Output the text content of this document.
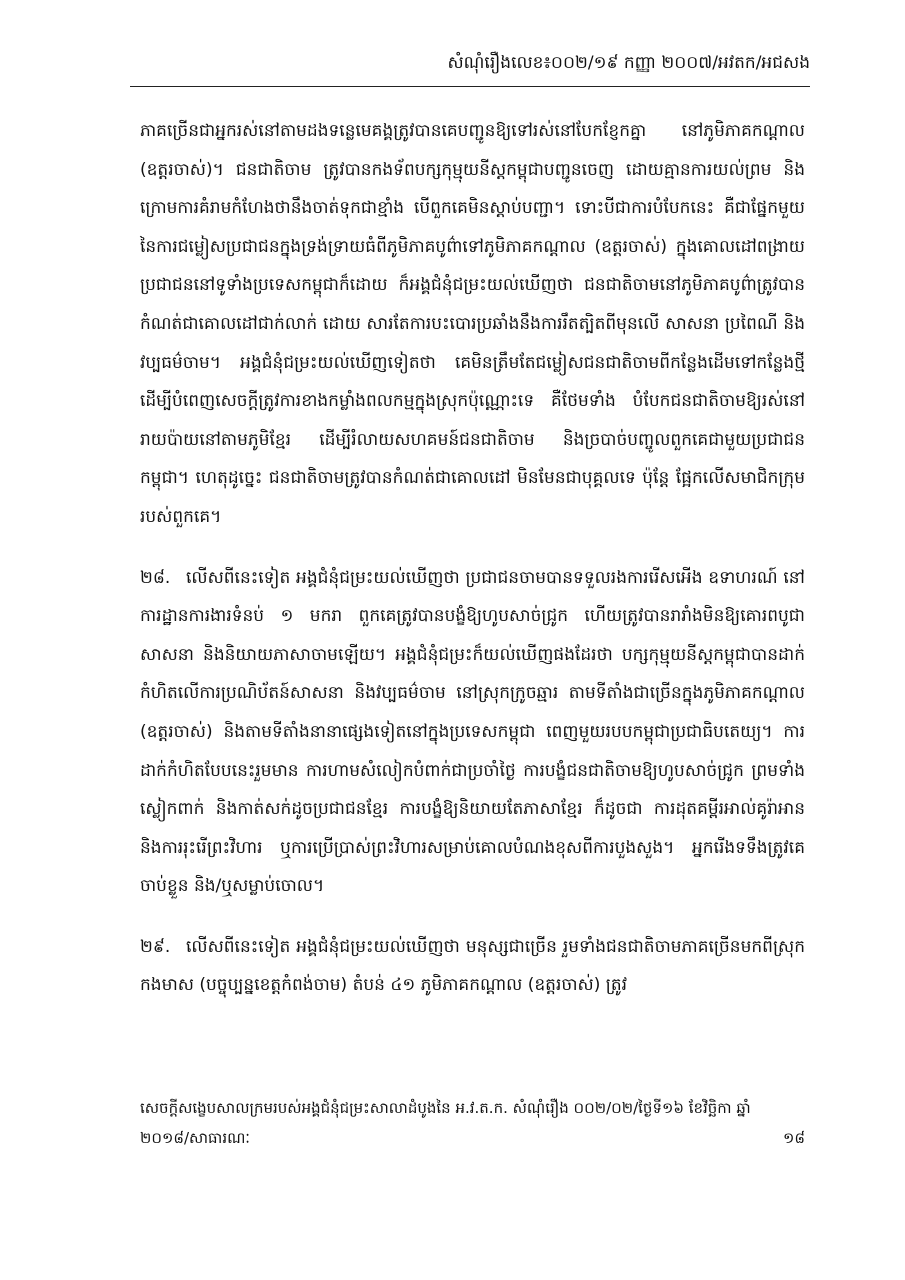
សំណុំរឿងលេខ៖០០២/១៩ កញ្ញា ២០០៧/អវតក/អជសង

ភាគច្រើនជាអ្នករស់នៅតាមដងទន្លេមេគង្គត្រូវបានគេបញ្ជូនឱ្យទៅរស់នៅបែកខ្ញែកគ្នា នៅភូមិភាគកណ្តាល (ឧត្តរចាស់)។ ជនជាតិចាម ត្រូវបានកងទ័ពបក្សកុម្មុយនីស្តកម្ពុជាបញ្ជូនចេញ ដោយគ្មានការយល់ព្រម និងក្រោមការគំរាមកំហែងថានឹងចាត់ទុកជាខ្មាំង បើពួកគេមិនស្តាប់បញ្ជា។ ទោះបីជាការបំបែកនេះ គឺជាផ្នែកមួយនៃការជម្លៀសប្រជាជនក្នុងទ្រង់ទ្រាយធំពីភូមិភាគបូព៌ាទៅភូមិភាគកណ្តាល (ឧត្តរចាស់) ក្នុងគោលដៅពង្រាយប្រជាជននៅទូទាំងប្រទេសកម្ពុជាក៏ដោយ ក៏អង្គជំនុំជម្រះយល់ឃើញថា ជនជាតិចាមនៅភូមិភាគបូព៌ាត្រូវបានកំណត់ជាគោលដៅជាក់លាក់ ដោយ សារតែការបះបោរប្រឆាំងនឹងការរឹតត្បិតពីមុនលើ សាសនា ប្រពៃណី និងវប្បធម៌ចាម។ អង្គជំនុំជម្រះយល់ឃើញទៀតថា គេមិនត្រឹមតែជម្លៀសជនជាតិចាមពីកន្លែងដើមទៅកន្លែងថ្មីដើម្បីបំពេញសេចក្តីត្រូវការខាងកម្លាំងពលកម្មក្នុងស្រុកប៉ុណ្ណោះទេ គឺថែមទាំង បំបែកជនជាតិចាមឱ្យរស់នៅរាយប៉ាយនៅតាមភូមិខ្មែរ ដើម្បីរំលាយសហគមន៍ជនជាតិចាម និងច្របាច់បញ្ចូលពួកគេជាមួយប្រជាជនកម្ពុជា។ ហេតុដូច្នេះ ជនជាតិចាមត្រូវបានកំណត់ជាគោលដៅ មិនមែនជាបុគ្គលទេ ប៉ុន្តែ ផ្អែកលើសមាជិកក្រុមរបស់ពួកគេ។

២៨. លើសពីនេះទៀត អង្គជំនុំជម្រះយល់ឃើញថា ប្រជាជនចាមបានទទួលរងការរើសអើង ឧទាហរណ៍ នៅការដ្ឋានការងារទំនប់ ១ មករា ពួកគេត្រូវបានបង្ខំឱ្យហូបសាច់ជ្រូក ហើយត្រូវបានរារាំងមិនឱ្យគោរពបូជាសាសនា និងនិយាយភាសាចាមឡើយ។ អង្គជំនុំជម្រះក៏យល់ឃើញផងដែរថា បក្សកុម្មុយនីស្តកម្ពុជាបានដាក់កំហិតលើការប្រណិប័តន៍សាសនា និងវប្បធម៌ចាម នៅស្រុកក្រូចឆ្មារ តាមទីតាំងជាច្រើនក្នុងភូមិភាគកណ្តាល (ឧត្តរចាស់) និងតាមទីតាំងនានាផ្សេងទៀតនៅក្នុងប្រទេសកម្ពុជា ពេញមួយរបបកម្ពុជាប្រជាធិបតេយ្យ។ ការដាក់កំហិតបែបនេះរួមមាន ការហាមសំលៀកបំពាក់ជាប្រចាំថ្ងៃ ការបង្ខំជនជាតិចាមឱ្យហូបសាច់ជ្រូក ព្រមទាំងស្លៀកពាក់ និងកាត់សក់ដូចប្រជាជនខ្មែរ ការបង្ខំឱ្យនិយាយតែភាសាខ្មែរ ក៏ដូចជា ការដុតគម្ពីរអាល់គូរ៉ាអាន និងការរុះរើព្រះវិហារ ឬការប្រើប្រាស់ព្រះវិហារសម្រាប់គោលបំណងខុសពីការបួងសួង។ អ្នករើងទទឹងត្រូវគេចាប់ខ្លួន និង/ឬសម្លាប់ចោល។

២៩. លើសពីនេះទៀត អង្គជំនុំជម្រះយល់ឃើញថា មនុស្សជាច្រើន រួមទាំងជនជាតិចាមភាគច្រើនមកពីស្រុកកងមាស (បច្ចុប្បន្នខេត្តកំពង់ចាម) តំបន់ ៤១ ភូមិភាគកណ្តាល (ឧត្តរចាស់) ត្រូវ

សេចក្តីសង្ខេបសាលក្រមរបស់អង្គជំនុំជម្រះសាលាដំបូងនៃ អ.វ.ត.ក. សំណុំរឿង ០០២/០២/ថ្ងៃទី១៦ ខែវិច្ឆិកា ឆ្នាំ
២០១៨/សាធារណៈ	១៨
